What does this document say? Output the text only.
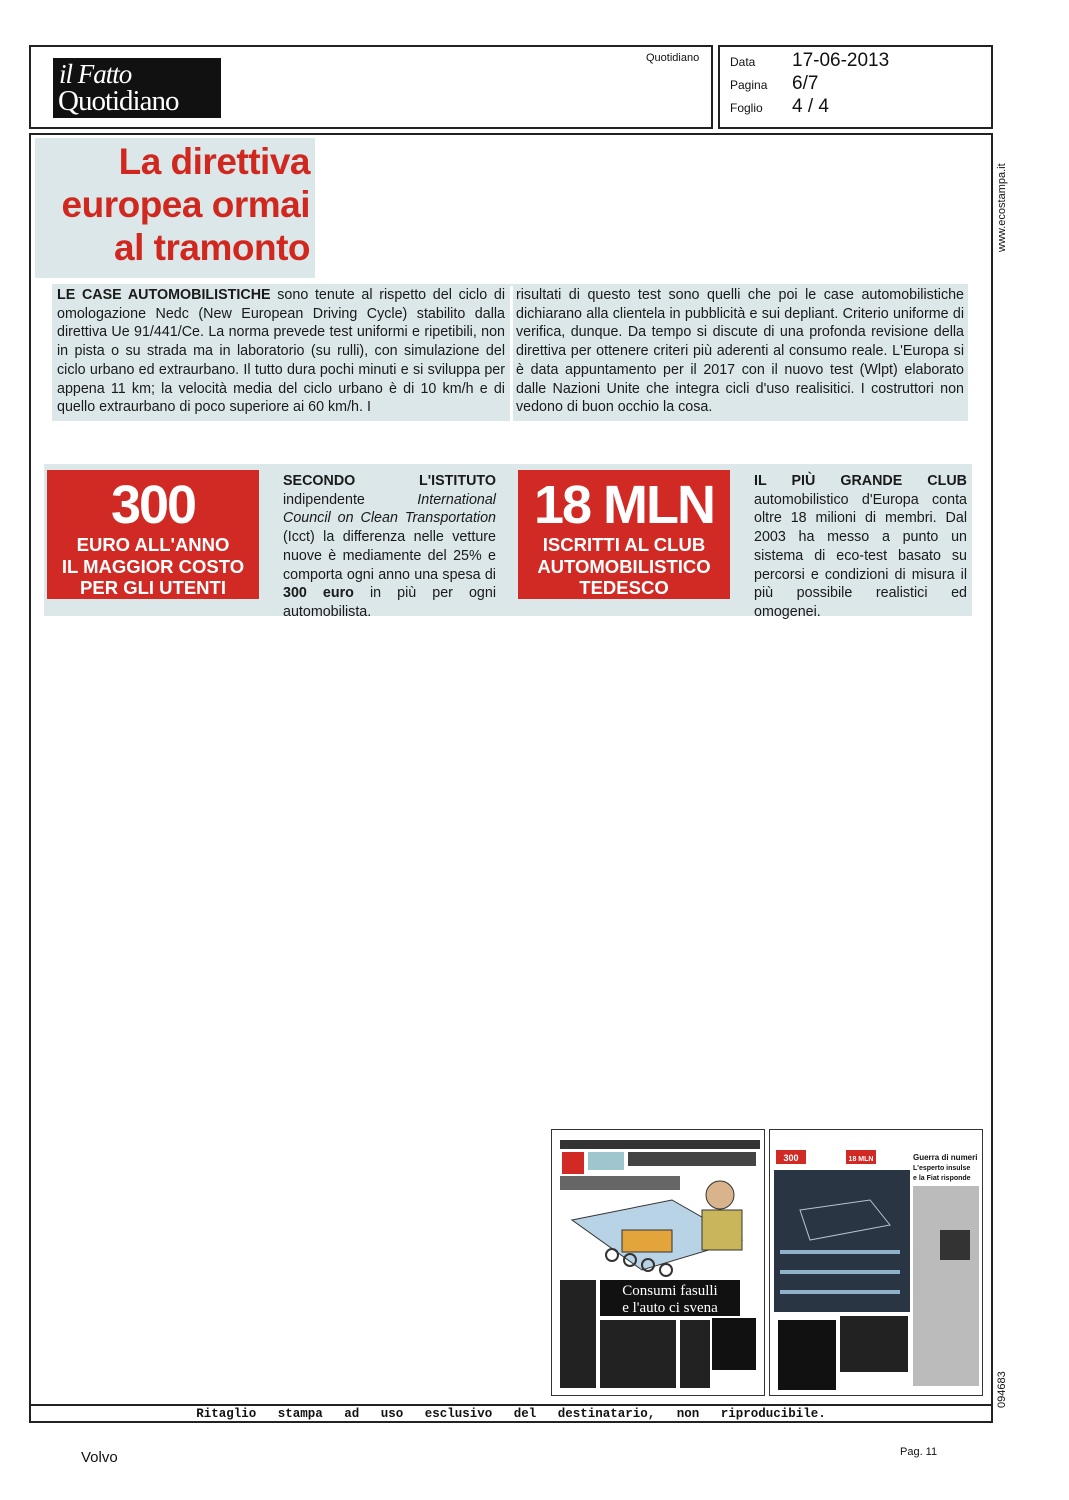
il Fatto
Quotidiano
Quotidiano	Data 17-06-2013
Pagina 6/7
Foglio 4 / 4
www.ecostampa.it
094683
La direttiva
europea ormai
al tramonto
LE CASE AUTOMOBILISTICHE sono tenute al rispetto del ciclo di omologazione Nedc (New European Driving Cycle) stabilito dalla direttiva Ue 91/441/Ce. La norma prevede test uniformi e ripetibili, non in pista o su strada ma in laboratorio (su rulli), con simulazione del ciclo urbano ed extraurbano. Il tutto dura pochi minuti e si sviluppa per appena 11 km; la velocità media del ciclo urbano è di 10 km/h e di quello extraurbano di poco superiore ai 60 km/h. I
risultati di questo test sono quelli che poi le case automobilistiche dichiarano alla clientela in pubblicità e sui depliant. Criterio uniforme di verifica, dunque. Da tempo si discute di una profonda revisione della direttiva per ottenere criteri più aderenti al consumo reale. L'Europa si è data appuntamento per il 2017 con il nuovo test (Wlpt) elaborato dalle Nazioni Unite che integra cicli d'uso realisitici. I costruttori non vedono di buon occhio la cosa.
300
EURO ALL'ANNO
IL MAGGIOR COSTO
PER GLI UTENTI
SECONDO L'ISTITUTO indipendente	International Council on Clean Transportation (Icct) la differenza nelle vetture nuove è mediamente del 25% e comporta ogni anno una spesa di 300 euro in più per ogni automobilista.
18 MLN
ISCRITTI AL CLUB
AUTOMOBILISTICO
TEDESCO
IL PIÙ GRANDE CLUB automobilistico d'Europa conta oltre 18 milioni di membri. Dal 2003 ha messo a punto un sistema di eco-test basato su percorsi e condizioni di misura il più possibile realistici ed omogenei.
Consumi fasulli
e l'auto ci svena
300	18 MLN	Guerra di numeri
L'esperto insulse
e la Fiat risponde
Ritaglio stampa ad uso esclusivo del destinatario, non riproducibile.
Volvo	Pag. 11
